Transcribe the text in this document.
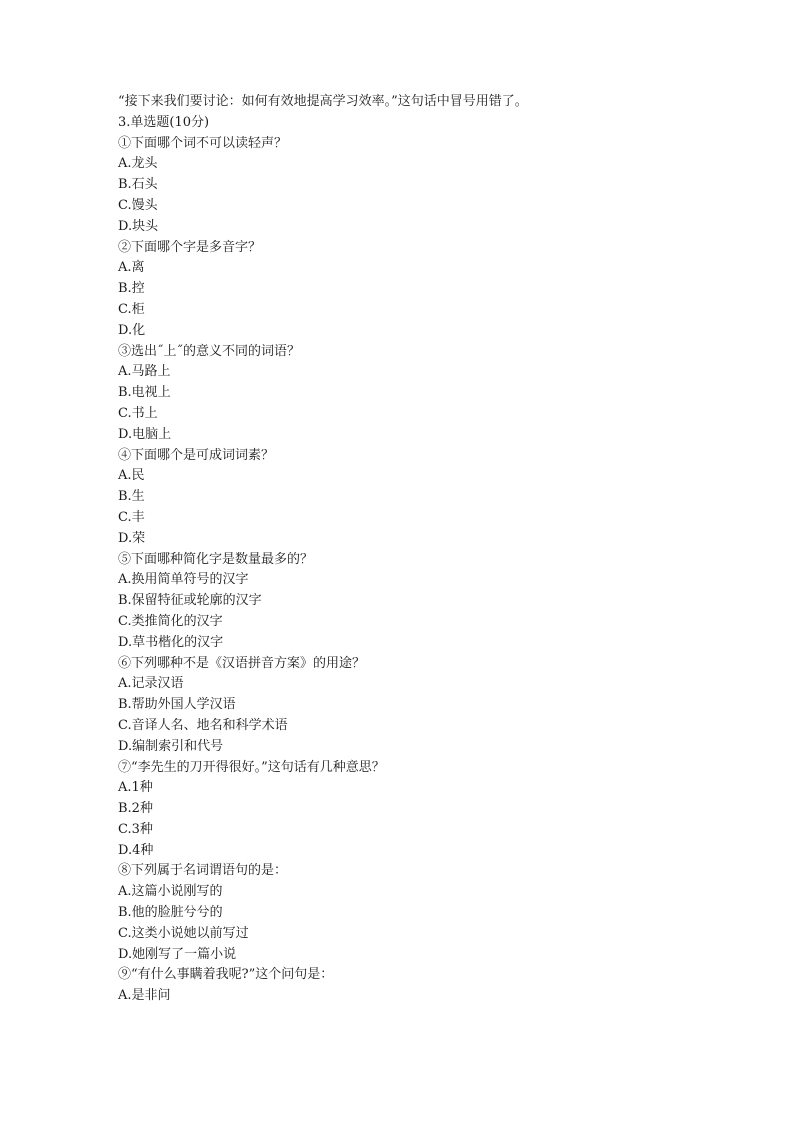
“接下来我们要讨论：如何有效地提高学习效率。”这句话中冒号用错了。
3.单选题(10分)
①下面哪个词不可以读轻声？
A.龙头
B.石头
C.馒头
D.块头
②下面哪个字是多音字？
A.离
B.控
C.柜
D.化
③选出˝上˝的意义不同的词语？
A.马路上
B.电视上
C.书上
D.电脑上
④下面哪个是可成词词素？
A.民
B.生
C.丰
D.荣
⑤下面哪种简化字是数量最多的？
A.换用简单符号的汉字
B.保留特征或轮廓的汉字
C.类推简化的汉字
D.草书楷化的汉字
⑥下列哪种不是《汉语拼音方案》的用途？
A.记录汉语
B.帮助外国人学汉语
C.音译人名、地名和科学术语
D.编制索引和代号
⑦“李先生的刀开得很好。”这句话有几种意思？
A.1种
B.2种
C.3种
D.4种
⑧下列属于名词谓语句的是：
A.这篇小说刚写的
B.他的脸脏兮兮的
C.这类小说她以前写过
D.她刚写了一篇小说
⑨“有什么事瞒着我呢?”这个问句是：
A.是非问
